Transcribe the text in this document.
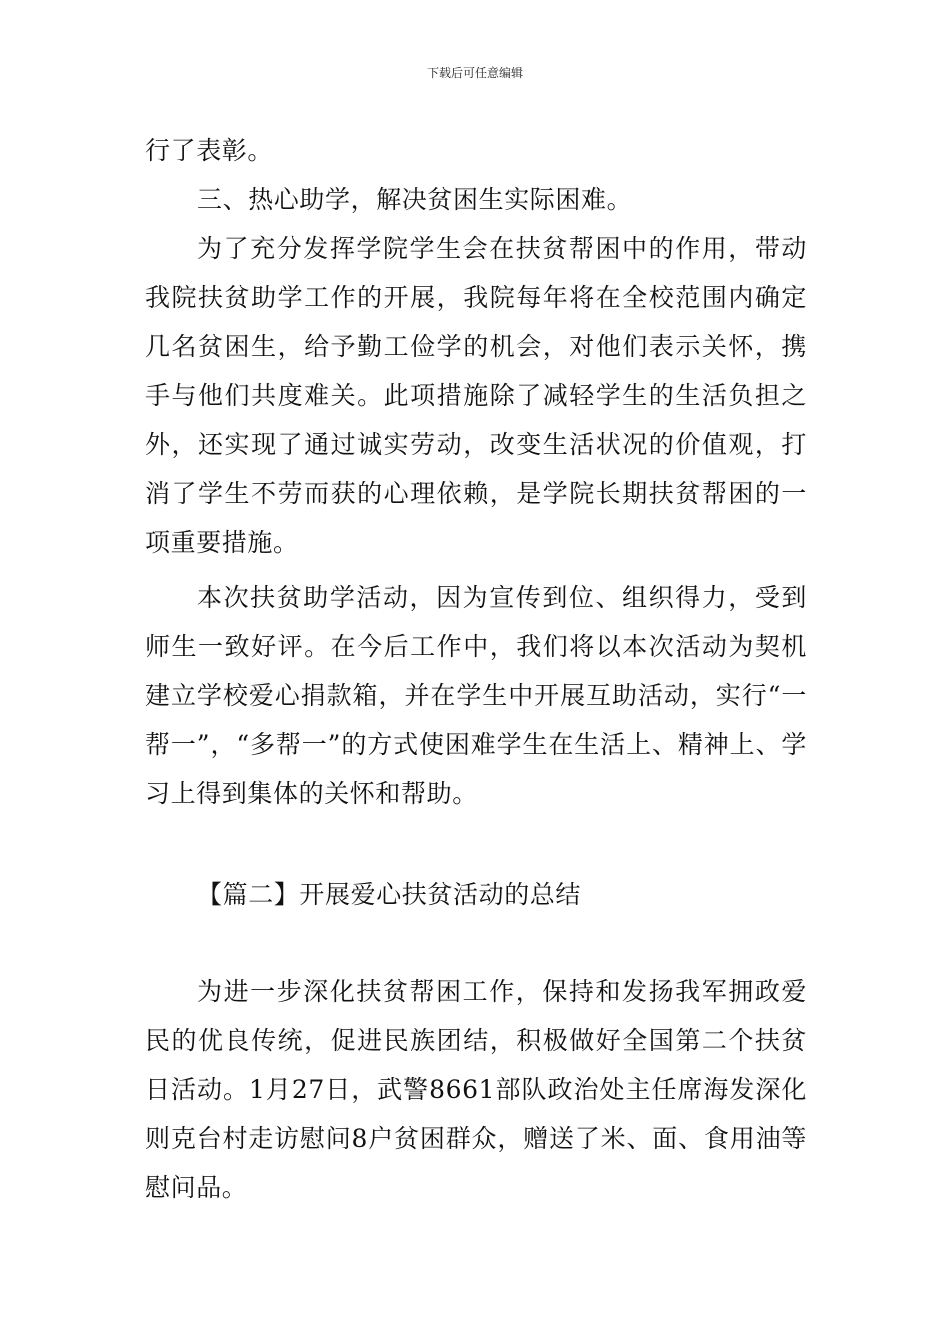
下载后可任意编辑

行了表彰。

三、热心助学，解决贫困生实际困难。

为了充分发挥学院学生会在扶贫帮困中的作用，带动我院扶贫助学工作的开展，我院每年将在全校范围内确定几名贫困生，给予勤工俭学的机会，对他们表示关怀，携手与他们共度难关。此项措施除了减轻学生的生活负担之外，还实现了通过诚实劳动，改变生活状况的价值观，打消了学生不劳而获的心理依赖，是学院长期扶贫帮困的一项重要措施。

本次扶贫助学活动，因为宣传到位、组织得力，受到师生一致好评。在今后工作中，我们将以本次活动为契机建立学校爱心捐款箱，并在学生中开展互助活动，实行“一帮一”，“多帮一”的方式使困难学生在生活上、精神上、学习上得到集体的关怀和帮助。

【篇二】开展爱心扶贫活动的总结

为进一步深化扶贫帮困工作，保持和发扬我军拥政爱民的优良传统，促进民族团结，积极做好全国第二个扶贫日活动。1月27日，武警8661部队政治处主任席海发深化则克台村走访慰问8户贫困群众，赠送了米、面、食用油等慰问品。
